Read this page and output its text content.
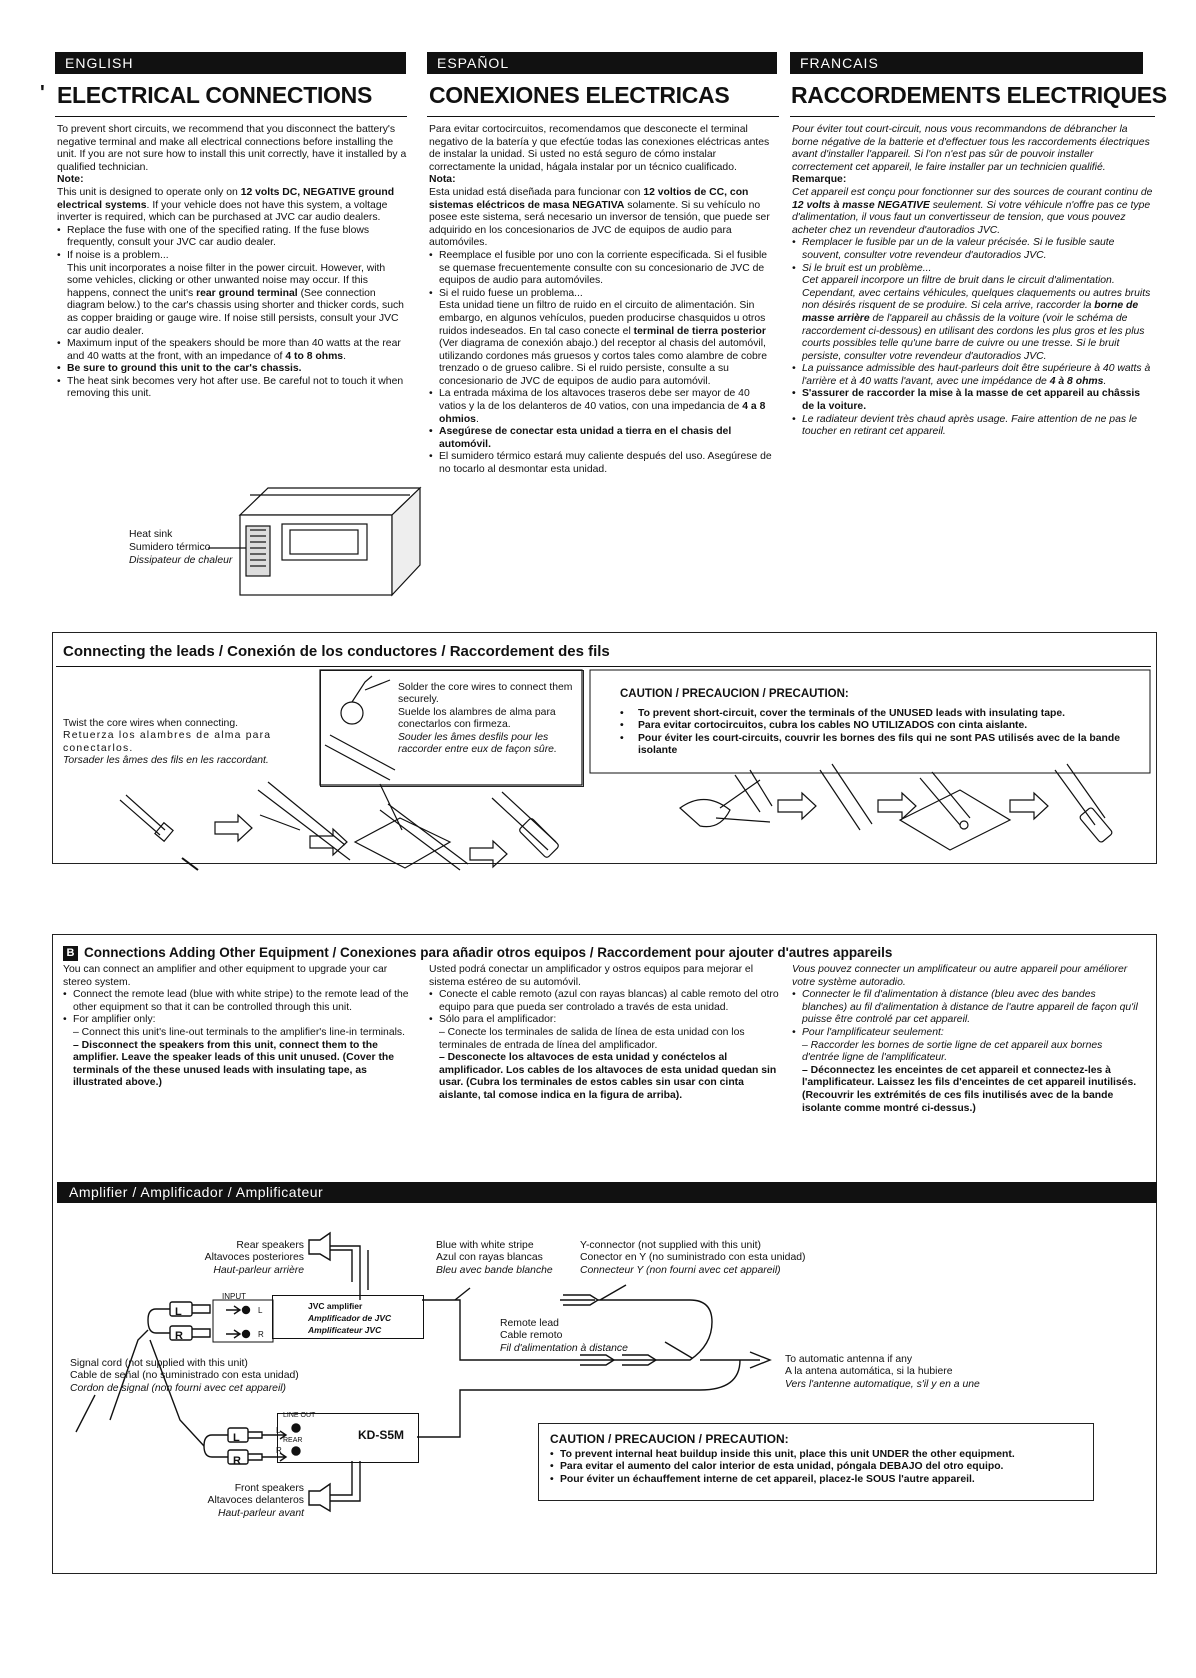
ENGLISH	ESPAÑOL	FRANCAIS
' ELECTRICAL CONNECTIONS CONEXIONES ELECTRICAS	RACCORDEMENTS ELECTRIQUES

To prevent short circuits, we recommend that you disconnect the battery's negative terminal and make all electrical connections before installing the unit. If you are not sure how to install this unit correctly, have it installed by a qualified technician.

Note:

This unit is designed to operate only on 12 volts DC, NEGATIVE ground electrical systems. If your vehicle does not have this system, a voltage inverter is required, which can be purchased at JVC car audio dealers.

• Replace the fuse with one of the specified rating. If the fuse blows frequently, consult your JVC car audio dealer.

• If noise is a problem...

This unit incorporates a noise filter in the power circuit. However, with some vehicles, clicking or other unwanted noise may occur. If this happens, connect the unit's rear ground terminal (See connection diagram below.) to the car's chassis using shorter and thicker cords, such as copper braiding or gauge wire. If noise still persists, consult your JVC car audio dealer.

• Maximum input of the speakers should be more than 40 watts at the rear and 40 watts at the front, with an impedance of 4 to 8 ohms.

• Be sure to ground this unit to the car's chassis.

• The heat sink becomes very hot after use. Be careful not to touch it when removing this unit.

Heat sink
Sumidero térmico
Dissipateur de chaleur

Para evitar cortocircuitos, recomendamos que desconecte el terminal negativo de la batería y que efectúe todas las conexiones eléctricas antes de instalar la unidad. Si usted no está seguro de cómo instalar correctamente la unidad, hágala instalar por un técnico cualificado.

Nota:

Esta unidad está diseñada para funcionar con 12 voltios de CC, con sistemas eléctricos de masa NEGATIVA solamente. Si su vehículo no posee este sistema, será necesario un inversor de tensión, que puede ser adquirido en los concesionarios de JVC de equipos de audio para automóviles.

• Reemplace el fusible por uno con la corriente especificada. Si el fusible se quemase frecuentemente consulte con su concesionario de JVC de equipos de audio para automóviles.

• Si el ruido fuese un problema...

Esta unidad tiene un filtro de ruido en el circuito de alimentación. Sin embargo, en algunos vehículos, pueden producirse chasquidos u otros ruidos indeseados. En tal caso conecte el terminal de tierra posterior (Ver diagrama de conexión abajo.) del receptor al chasis del automóvil, utilizando cordones más gruesos y cortos tales como alambre de cobre trenzado o de grueso calibre. Si el ruido persiste, consulte a su concesionario de JVC de equipos de audio para automóvil.

• La entrada máxima de los altavoces traseros debe ser mayor de 40 vatios y la de los delanteros de 40 vatios, con una impedancia de 4 a 8 ohmios.

• Asegúrese de conectar esta unidad a tierra en el chasis del automóvil.

• El sumidero térmico estará muy caliente después del uso. Asegúrese de no tocarlo al desmontar esta unidad.

Pour éviter tout court-circuit, nous vous recommandons de débrancher la borne négative de la batterie et d'effectuer tous les raccordements électriques avant d'installer l'appareil. Si l'on n'est pas sûr de pouvoir installer correctement cet appareil, le faire installer par un technicien qualifié.

Remarque:

Cet appareil est conçu pour fonctionner sur des sources de courant continu de 12 volts à masse NEGATIVE seulement. Si votre véhicule n'offre pas ce type d'alimentation, il vous faut un convertisseur de tension, que vous pouvez acheter chez un revendeur d'autoradios JVC.

• Remplacer le fusible par un de la valeur précisée. Si le fusible saute souvent, consulter votre revendeur d'autoradios JVC.

• Si le bruit est un problème...

Cet appareil incorpore un filtre de bruit dans le circuit d'alimentation. Cependant, avec certains véhicules, quelques claquements ou autres bruits non désirés risquent de se produire. Si cela arrive, raccorder la borne de masse arrière de l'appareil au châssis de la voiture (voir le schéma de raccordement ci-dessous) en utilisant des cordons les plus gros et les plus courts possibles telle qu'une barre de cuivre ou une tresse. Si le bruit persiste, consulter votre revendeur d'autoradios JVC.

• La puissance admissible des haut-parleurs doit être supérieure à 40 watts à l'arrière et à 40 watts l'avant, avec une impédance de 4 à 8 ohms.

• S'assurer de raccorder la mise à la masse de cet appareil au châssis de la voiture.

• Le radiateur devient très chaud après usage. Faire attention de ne pas le toucher en retirant cet appareil.

Connecting the leads / Conexión de los conductores / Raccordement des fils
Twist the core wires when connecting.
Retuerza los alambres de alma para conectarlos.
Torsader les âmes des fils en les raccordant.
Solder the core wires to connect them securely.
Suelde los alambres de alma para conectarlos con firmeza.
Souder les âmes desfils pour les raccorder entre eux de façon sûre.
CAUTION / PRECAUCION / PRECAUTION:
• To prevent short-circuit, cover the terminals of the UNUSED leads with insulating tape.
• Para evitar cortocircuitos, cubra los cables NO UTILIZADOS con cinta aislante.
• Pour éviter les court-circuits, couvrir les bornes des fils qui ne sont PAS utilisés avec de la bande isolante
B Connections Adding Other Equipment / Conexiones para añadir otros equipos / Raccordement pour ajouter d'autres appareils

You can connect an amplifier and other equipment to upgrade your car stereo system.

• Connect the remote lead (blue with white stripe) to the remote lead of the other equipment so that it can be controlled through this unit.

• For amplifier only:

– Connect this unit's line-out terminals to the amplifier's line-in terminals.

– Disconnect the speakers from this unit, connect them to the amplifier. Leave the speaker leads of this unit unused. (Cover the terminals of the these unused leads with insulating tape, as illustrated above.)

Usted podrá conectar un amplificador y ostros equipos para mejorar el sistema estéreo de su automóvil.

• Conecte el cable remoto (azul con rayas blancas) al cable remoto del otro equipo para que pueda ser controlado a través de esta unidad.

• Sólo para el amplificador:

– Conecte los terminales de salida de línea de esta unidad con los terminales de entrada de línea del amplificador.

– Desconecte los altavoces de esta unidad y conéctelos al amplificador. Los cables de los altavoces de esta unidad quedan sin usar. (Cubra los terminales de estos cables sin usar con cinta aislante, tal comose indica en la figura de arriba).

Vous pouvez connecter un amplificateur ou autre appareil pour améliorer votre système autoradio.

• Connecter le fil d'alimentation à distance (bleu avec des bandes blanches) au fil d'alimentation à distance de l'autre appareil de façon qu'il puisse être controlé par cet appareil.

• Pour l'amplificateur seulement:

– Raccorder les bornes de sortie ligne de cet appareil aux bornes d'entrée ligne de l'amplificateur.

– Déconnectez les enceintes de cet appareil et connectez-les à l'amplificateur. Laissez les fils d'enceintes de cet appareil inutilisés. (Recouvrir les extrémités de ces fils inutilisés avec de la bande isolante comme montré ci-dessus.)

Amplifier / Amplificador / Amplificateur
Rear speakers
Altavoces posteriores
Haut-parleur arrière
INPUT
JVC amplifier
Amplificador de JVC
Amplificateur JVC
L
R
L
R
Signal cord (not supplied with this unit)
Cable de señal (no suministrado con esta unidad)
Cordon de signal (non fourni avec cet appareil)
Blue with white stripe
Azul con rayas blancas
Bleu avec bande blanche
Y-connector (not supplied with this unit)
Conector en Y (no suministrado con esta unidad)
Connecteur Y (non fourni avec cet appareil)
Remote lead
Cable remoto
Fil d'alimentation à distance
To automatic antenna if any
A la antena automática, si la hubiere
Vers l'antenne automatique, s'il y en a une
LINE OUT
REAR
L
R
KD-S5M
L
R
Front speakers
Altavoces delanteros
Haut-parleur avant
CAUTION / PRECAUCION / PRECAUTION:
• To prevent internal heat buildup inside this unit, place this unit UNDER the other equipment.
• Para evitar el aumento del calor interior de esta unidad, póngala DEBAJO del otro equipo.
• Pour éviter un échauffement interne de cet appareil, placez-le SOUS l'autre appareil.
